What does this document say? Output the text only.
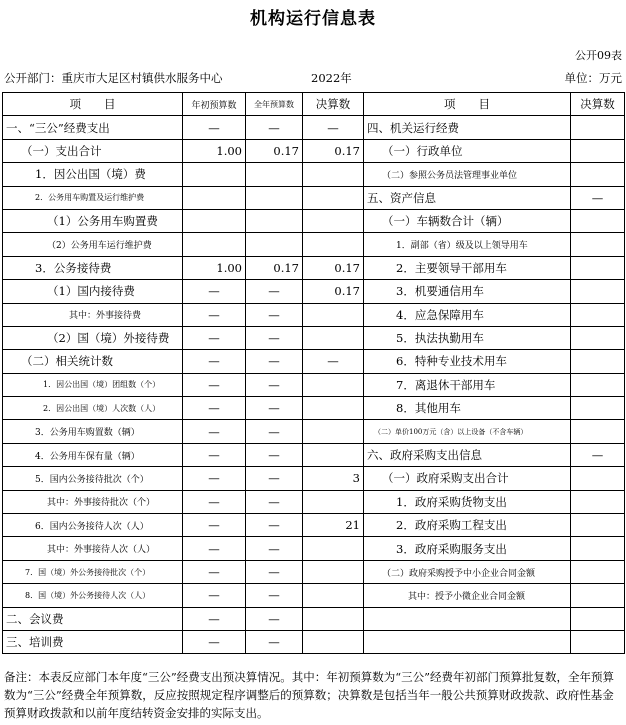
机构运行信息表
公开09表
公开部门：重庆市大足区村镇供水服务中心	2022年	单位：万元
项　　目	年初预算数	全年预算数	决算数	项　　目	决算数
一、“三公”经费支出	—	—	—	四、机关运行经费	
（一）支出合计	1.00	0.17	0.17	（一）行政单位	
1．因公出国（境）费				（二）参照公务员法管理事业单位	
2．公务用车购置及运行维护费				五、资产信息	—
（1）公务用车购置费				（一）车辆数合计（辆）	
（2）公务用车运行维护费				1．副部（省）级及以上领导用车	
3．公务接待费	1.00	0.17	0.17	2．主要领导干部用车	
（1）国内接待费	—	—	0.17	3．机要通信用车	
其中：外事接待费	—	—		4．应急保障用车	
（2）国（境）外接待费	—	—		5．执法执勤用车	
（二）相关统计数	—	—	—	6．特种专业技术用车	
1．因公出国（境）团组数（个）	—	—		7．离退休干部用车	
2．因公出国（境）人次数（人）	—	—		8．其他用车	
3．公务用车购置数（辆）	—	—		（二）单价100万元（含）以上设备（不含车辆）	
4．公务用车保有量（辆）	—	—		六、政府采购支出信息	—
5．国内公务接待批次（个）	—	—	3	（一）政府采购支出合计	
其中：外事接待批次（个）	—	—		1．政府采购货物支出	
6．国内公务接待人次（人）	—	—	21	2．政府采购工程支出	
其中：外事接待人次（人）	—	—		3．政府采购服务支出	
7．国（境）外公务接待批次（个）	—	—		（二）政府采购授予中小企业合同金额	
8．国（境）外公务接待人次（人）	—	—		其中：授予小微企业合同金额	
二、会议费	—	—			
三、培训费	—	—			
备注：本表反应部门本年度“三公”经费支出预决算情况。其中：年初预算数为“三公”经费年初部门预算批复数，全年预算数为“三公”经费全年预算数，反应按照规定程序调整后的预算数；决算数是包括当年一般公共预算财政拨款、政府性基金预算财政拨款和以前年度结转资金安排的实际支出。
